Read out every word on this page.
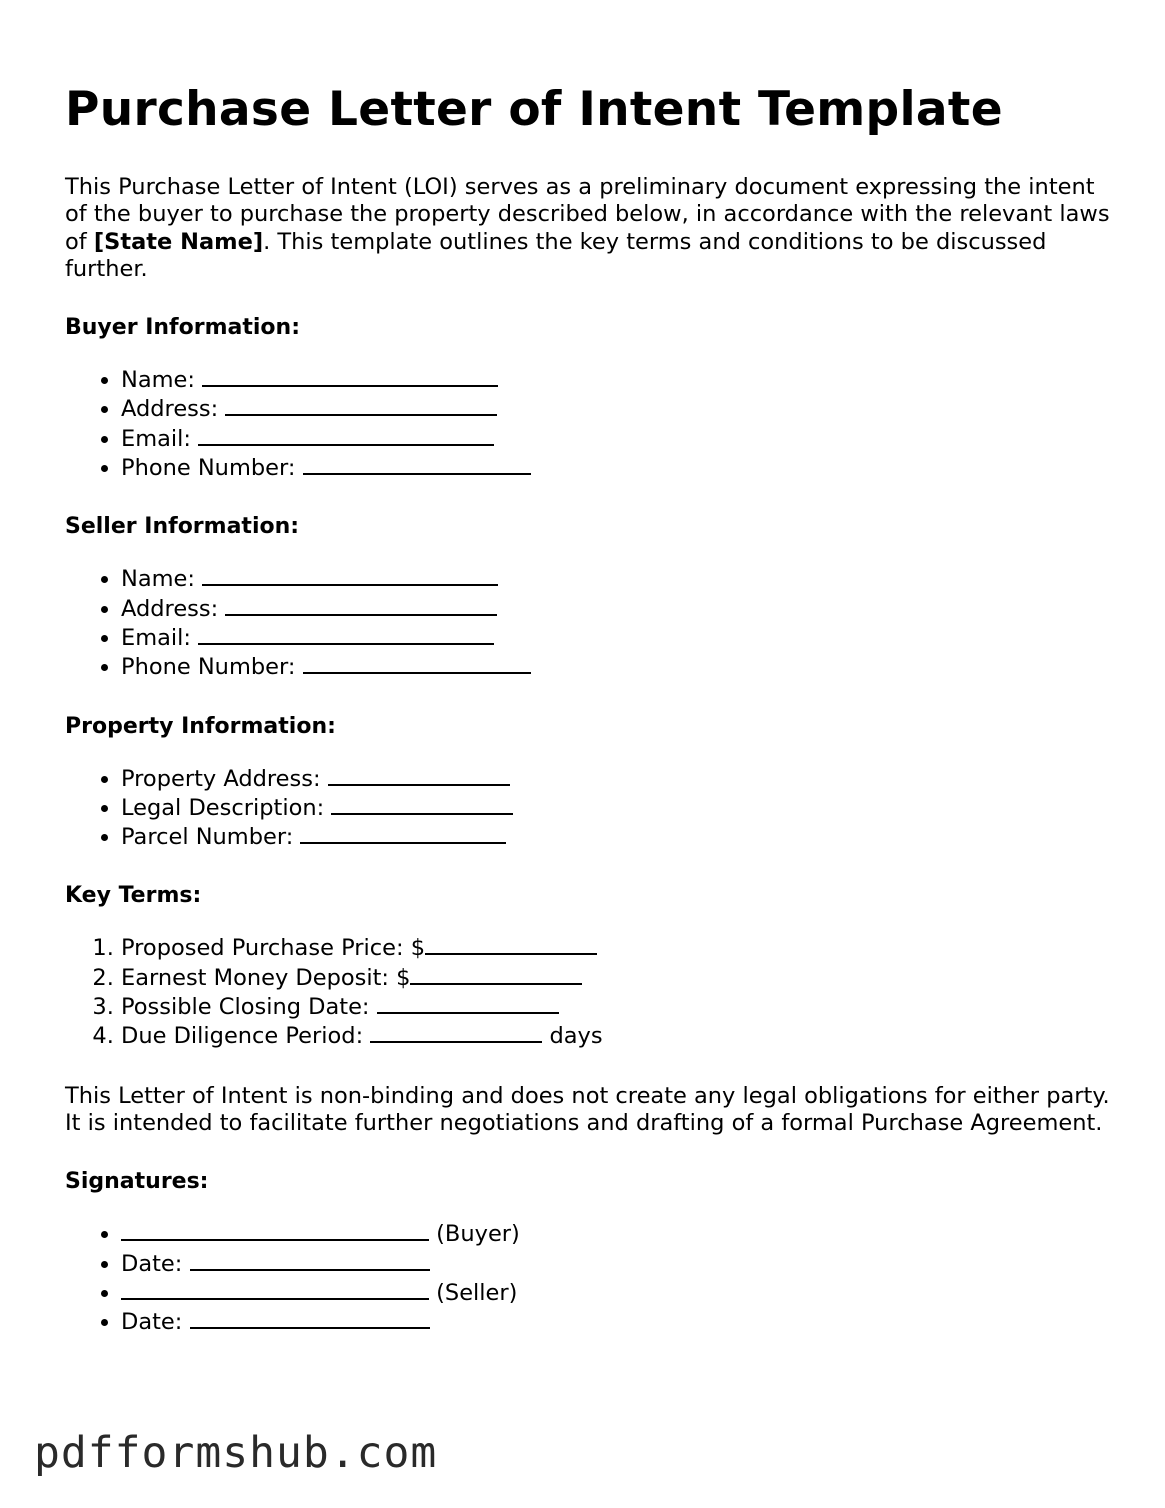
Purchase Letter of Intent Template

This Purchase Letter of Intent (LOI) serves as a preliminary document expressing the intent of the buyer to purchase the property described below, in accordance with the relevant laws of [State Name]. This template outlines the key terms and conditions to be discussed further.

Buyer Information:
• Name:
• Address:
• Email:
• Phone Number:
Seller Information:
• Name:
• Address:
• Email:
• Phone Number:
Property Information:
• Property Address:
• Legal Description:
• Parcel Number:
Key Terms:
1. Proposed Purchase Price: $
2. Earnest Money Deposit: $
3. Possible Closing Date:
4. Due Diligence Period:	days

This Letter of Intent is non-binding and does not create any legal obligations for either party. It is intended to facilitate further negotiations and drafting of a formal Purchase Agreement.

Signatures:
• (Buyer)
• Date:
• (Seller)
• Date:
pdfformshub.com
